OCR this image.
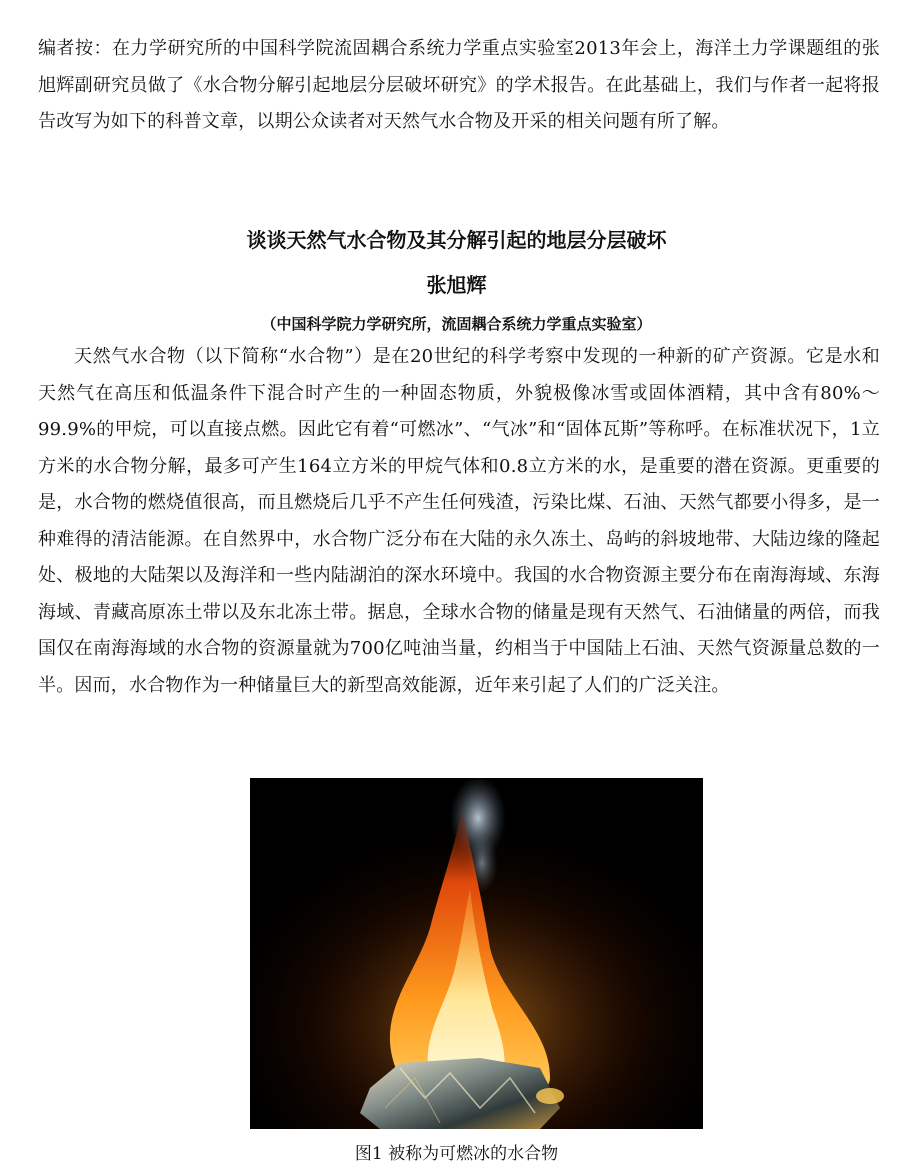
编者按：在力学研究所的中国科学院流固耦合系统力学重点实验室2013年会上，海洋土力学课题组的张旭辉副研究员做了《水合物分解引起地层分层破坏研究》的学术报告。在此基础上，我们与作者一起将报告改写为如下的科普文章，以期公众读者对天然气水合物及开采的相关问题有所了解。

谈谈天然气水合物及其分解引起的地层分层破坏
张旭辉

（中国科学院力学研究所，流固耦合系统力学重点实验室）

天然气水合物（以下简称“水合物”）是在20世纪的科学考察中发现的一种新的矿产资源。它是水和天然气在高压和低温条件下混合时产生的一种固态物质，外貌极像冰雪或固体酒精，其中含有80%～99.9%的甲烷，可以直接点燃。因此它有着“可燃冰”、“气冰”和“固体瓦斯”等称呼。在标准状况下，1立方米的水合物分解，最多可产生164立方米的甲烷气体和0.8立方米的水，是重要的潜在资源。更重要的是，水合物的燃烧值很高，而且燃烧后几乎不产生任何残渣，污染比煤、石油、天然气都要小得多，是一种难得的清洁能源。在自然界中，水合物广泛分布在大陆的永久冻土、岛屿的斜坡地带、大陆边缘的隆起处、极地的大陆架以及海洋和一些内陆湖泊的深水环境中。我国的水合物资源主要分布在南海海域、东海海域、青藏高原冻土带以及东北冻土带。据息，全球水合物的储量是现有天然气、石油储量的两倍，而我国仅在南海海域的水合物的资源量就为700亿吨油当量，约相当于中国陆上石油、天然气资源量总数的一半。因而，水合物作为一种储量巨大的新型高效能源，近年来引起了人们的广泛关注。

图1 被称为可燃冰的水合物
